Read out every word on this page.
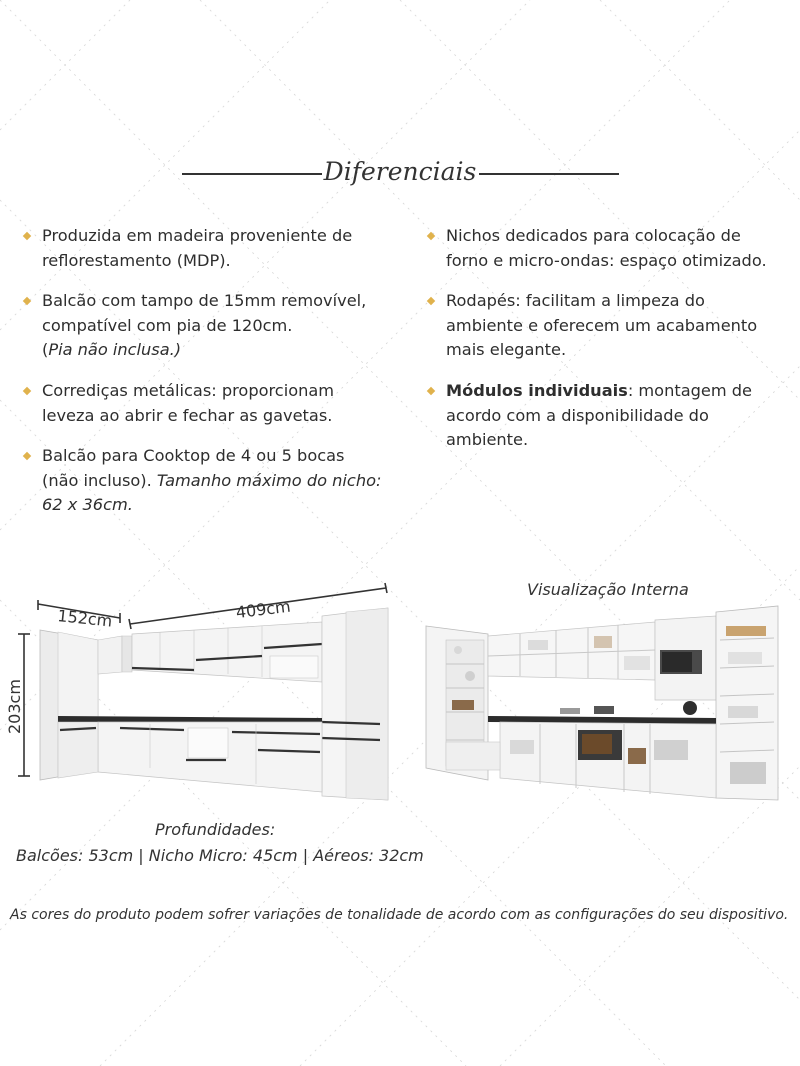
Diferenciais
Produzida em madeira proveniente de
reflorestamento (MDP).
Balcão com tampo de 15mm removível,
compatível com pia de 120cm.
(Pia não inclusa.)
Corrediças metálicas: proporcionam
leveza ao abrir e fechar as gavetas.
Balcão para Cooktop de 4 ou 5 bocas
(não incluso). Tamanho máximo do nicho:
62 x 36cm.
Nichos dedicados para colocação de
forno e micro-ondas: espaço otimizado.
Rodapés: facilitam a limpeza do
ambiente e oferecem um acabamento
mais elegante.
Módulos individuais: montagem de
acordo com a disponibilidade do
ambiente.
152cm	409cm
203cm
Visualização Interna
Profundidades:
Balcões: 53cm | Nicho Micro: 45cm | Aéreos: 32cm
As cores do produto podem sofrer variações de tonalidade de acordo com as configurações do seu dispositivo.
